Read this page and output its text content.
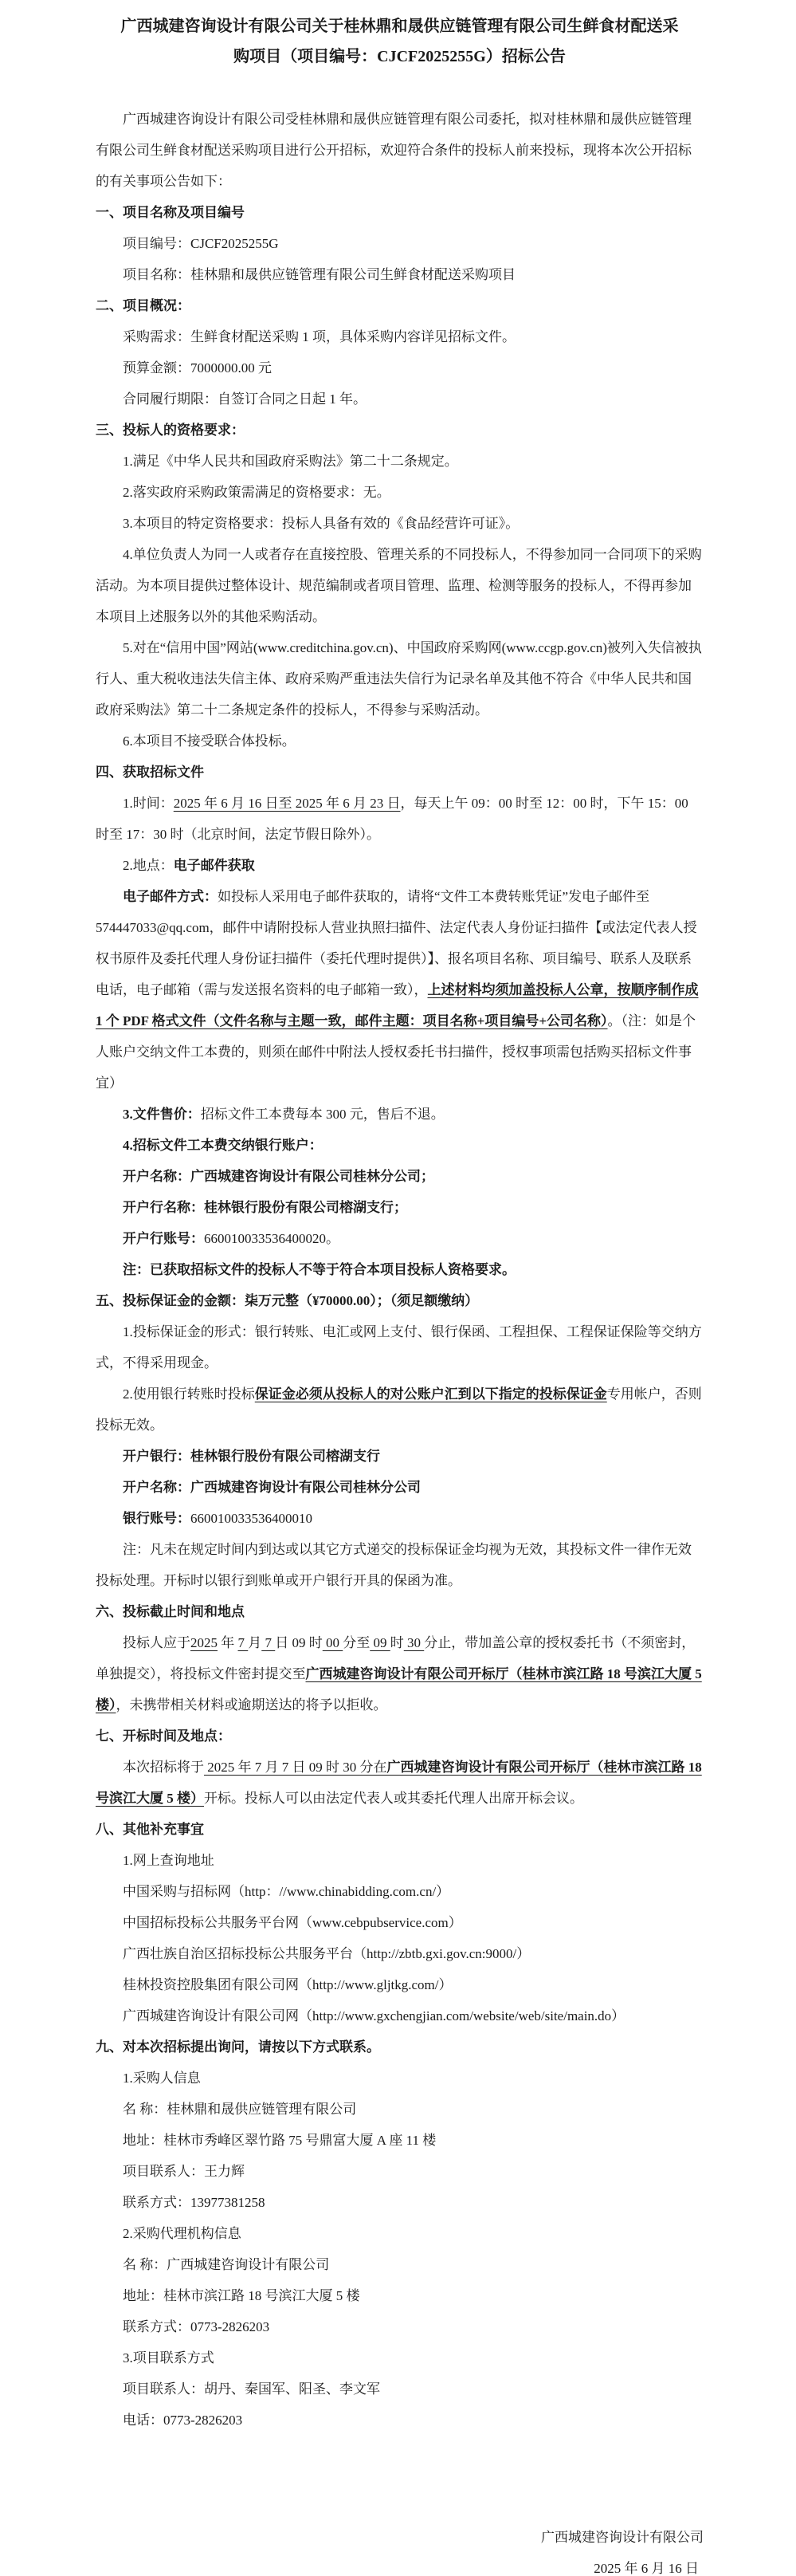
广西城建咨询设计有限公司关于桂林鼎和晟供应链管理有限公司生鲜食材配送采
购项目（项目编号：CJCF2025255G）招标公告

广西城建咨询设计有限公司受桂林鼎和晟供应链管理有限公司委托，拟对桂林鼎和晟供应链管理有限公司生鲜食材配送采购项目进行公开招标，欢迎符合条件的投标人前来投标，现将本次公开招标的有关事项公告如下：

一、项目名称及项目编号

项目编号：CJCF2025255G

项目名称：桂林鼎和晟供应链管理有限公司生鲜食材配送采购项目

二、项目概况：

采购需求：生鲜食材配送采购 1 项，具体采购内容详见招标文件。

预算金额：7000000.00 元

合同履行期限：自签订合同之日起 1 年。

三、投标人的资格要求：

1.满足《中华人民共和国政府采购法》第二十二条规定。

2.落实政府采购政策需满足的资格要求：无。

3.本项目的特定资格要求：投标人具备有效的《食品经营许可证》。

4.单位负责人为同一人或者存在直接控股、管理关系的不同投标人，不得参加同一合同项下的采购活动。为本项目提供过整体设计、规范编制或者项目管理、监理、检测等服务的投标人，不得再参加本项目上述服务以外的其他采购活动。

5.对在“信用中国”网站(www.creditchina.gov.cn)、中国政府采购网(www.ccgp.gov.cn)被列入失信被执行人、重大税收违法失信主体、政府采购严重违法失信行为记录名单及其他不符合《中华人民共和国政府采购法》第二十二条规定条件的投标人，不得参与采购活动。

6.本项目不接受联合体投标。

四、获取招标文件

1.时间：2025 年 6 月 16 日至 2025 年 6 月 23 日，每天上午 09：00 时至 12：00 时，下午 15：00 时至 17：30 时（北京时间，法定节假日除外）。

2.地点：电子邮件获取

电子邮件方式：如投标人采用电子邮件获取的，请将“文件工本费转账凭证”发电子邮件至 574447033@qq.com，邮件中请附投标人营业执照扫描件、法定代表人身份证扫描件【或法定代表人授权书原件及委托代理人身份证扫描件（委托代理时提供）】、报名项目名称、项目编号、联系人及联系电话，电子邮箱（需与发送报名资料的电子邮箱一致），上述材料均须加盖投标人公章，按顺序制作成 1 个 PDF 格式文件（文件名称与主题一致，邮件主题：项目名称+项目编号+公司名称）。（注：如是个人账户交纳文件工本费的，则须在邮件中附法人授权委托书扫描件，授权事项需包括购买招标文件事宜）

3.文件售价：招标文件工本费每本 300 元，售后不退。

4.招标文件工本费交纳银行账户：

开户名称：广西城建咨询设计有限公司桂林分公司；

开户行名称：桂林银行股份有限公司榕湖支行；

开户行账号：660010033536400020。

注：已获取招标文件的投标人不等于符合本项目投标人资格要求。

五、投标保证金的金额：柒万元整（¥70000.00）；（须足额缴纳）

1.投标保证金的形式：银行转账、电汇或网上支付、银行保函、工程担保、工程保证保险等交纳方式，不得采用现金。

2.使用银行转账时投标保证金必须从投标人的对公账户汇到以下指定的投标保证金专用帐户，否则投标无效。

开户银行：桂林银行股份有限公司榕湖支行

开户名称：广西城建咨询设计有限公司桂林分公司

银行账号：660010033536400010

注：凡未在规定时间内到达或以其它方式递交的投标保证金均视为无效，其投标文件一律作无效投标处理。开标时以银行到账单或开户银行开具的保函为准。

六、投标截止时间和地点

投标人应于2025 年 7 月 7 日 09 时 00 分至 09 时 30 分止，带加盖公章的授权委托书（不须密封，单独提交），将投标文件密封提交至广西城建咨询设计有限公司开标厅（桂林市滨江路 18 号滨江大厦 5 楼），未携带相关材料或逾期送达的将予以拒收。

七、开标时间及地点：

本次招标将于 2025 年 7 月 7 日 09 时 30 分在广西城建咨询设计有限公司开标厅（桂林市滨江路 18 号滨江大厦 5 楼）开标。投标人可以由法定代表人或其委托代理人出席开标会议。

八、其他补充事宜

1.网上查询地址

中国采购与招标网（http：//www.chinabidding.com.cn/）

中国招标投标公共服务平台网（www.cebpubservice.com）

广西壮族自治区招标投标公共服务平台（http://zbtb.gxi.gov.cn:9000/）

桂林投资控股集团有限公司网（http://www.gljtkg.com/）

广西城建咨询设计有限公司网（http://www.gxchengjian.com/website/web/site/main.do）

九、对本次招标提出询问，请按以下方式联系。

1.采购人信息

名 称：桂林鼎和晟供应链管理有限公司

地址：桂林市秀峰区翠竹路 75 号鼎富大厦 A 座 11 楼

项目联系人：王力辉

联系方式：13977381258

2.采购代理机构信息

名 称：广西城建咨询设计有限公司

地址：桂林市滨江路 18 号滨江大厦 5 楼

联系方式：0773-2826203

3.项目联系方式

项目联系人：胡丹、秦国军、阳圣、李文军

电话：0773-2826203

广西城建咨询设计有限公司
2025 年 6 月 16 日
